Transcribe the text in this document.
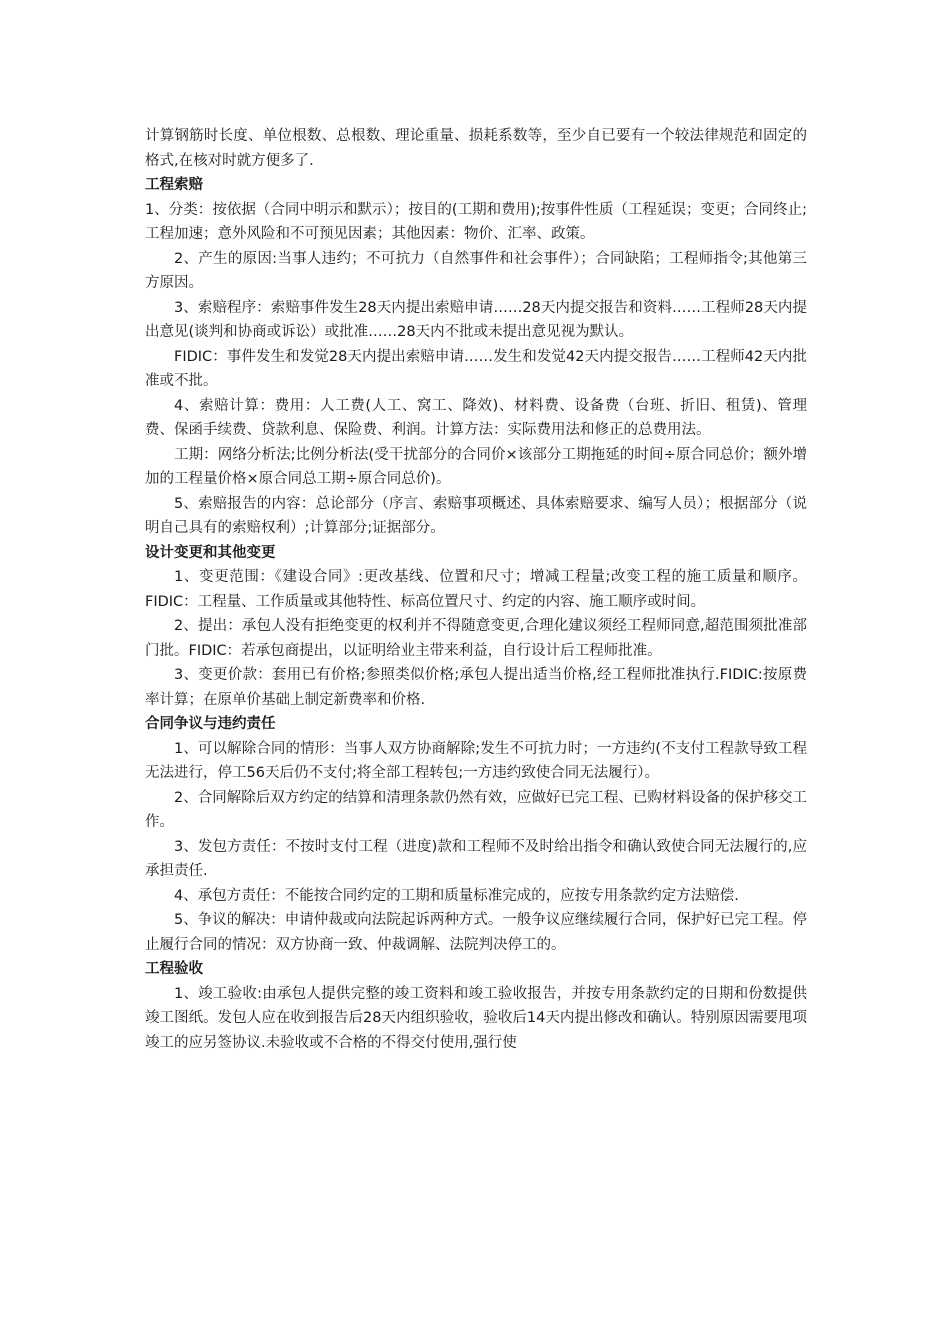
计算钢筋时长度、单位根数、总根数、理论重量、损耗系数等，至少自已要有一个较法律规范和固定的格式,在核对时就方便多了.

工程索赔

1、分类：按依据（合同中明示和默示）；按目的(工期和费用);按事件性质（工程延误；变更；合同终止;工程加速；意外风险和不可预见因素；其他因素：物价、汇率、政策。

2、产生的原因:当事人违约；不可抗力（自然事件和社会事件）；合同缺陷；工程师指令;其他第三方原因。

3、索赔程序：索赔事件发生28天内提出索赔申请……28天内提交报告和资料……工程师28天内提出意见(谈判和协商或诉讼）或批准……28天内不批或未提出意见视为默认。

FIDIC：事件发生和发觉28天内提出索赔申请……发生和发觉42天内提交报告……工程师42天内批准或不批。

4、索赔计算：费用：人工费(人工、窝工、降效)、材料费、设备费（台班、折旧、租赁)、管理费、保函手续费、贷款利息、保险费、利润。计算方法：实际费用法和修正的总费用法。

工期：网络分析法;比例分析法(受干扰部分的合同价×该部分工期拖延的时间÷原合同总价；额外增加的工程量价格×原合同总工期÷原合同总价)。

5、索赔报告的内容：总论部分（序言、索赔事项概述、具体索赔要求、编写人员）；根据部分（说明自己具有的索赔权利）;计算部分;证据部分。

设计变更和其他变更

1、变更范围：《建设合同》:更改基线、位置和尺寸；增减工程量;改变工程的施工质量和顺序。FIDIC：工程量、工作质量或其他特性、标高位置尺寸、约定的内容、施工顺序或时间。

2、提出：承包人没有拒绝变更的权利并不得随意变更,合理化建议须经工程师同意,超范围须批准部门批。FIDIC：若承包商提出，以证明给业主带来利益，自行设计后工程师批准。

3、变更价款：套用已有价格;参照类似价格;承包人提出适当价格,经工程师批准执行.FIDIC:按原费率计算；在原单价基础上制定新费率和价格.

合同争议与违约责任

1、可以解除合同的情形：当事人双方协商解除;发生不可抗力时；一方违约(不支付工程款导致工程无法进行，停工56天后仍不支付;将全部工程转包;一方违约致使合同无法履行）。

2、合同解除后双方约定的结算和清理条款仍然有效，应做好已完工程、已购材料设备的保护移交工作。

3、发包方责任：不按时支付工程（进度)款和工程师不及时给出指令和确认致使合同无法履行的,应承担责任.

4、承包方责任：不能按合同约定的工期和质量标准完成的，应按专用条款约定方法赔偿.

5、争议的解决：申请仲裁或向法院起诉两种方式。一般争议应继续履行合同，保护好已完工程。停止履行合同的情况：双方协商一致、仲裁调解、法院判决停工的。

工程验收

1、竣工验收:由承包人提供完整的竣工资料和竣工验收报告，并按专用条款约定的日期和份数提供竣工图纸。发包人应在收到报告后28天内组织验收，验收后14天内提出修改和确认。特别原因需要甩项竣工的应另签协议.未验收或不合格的不得交付使用,强行使
